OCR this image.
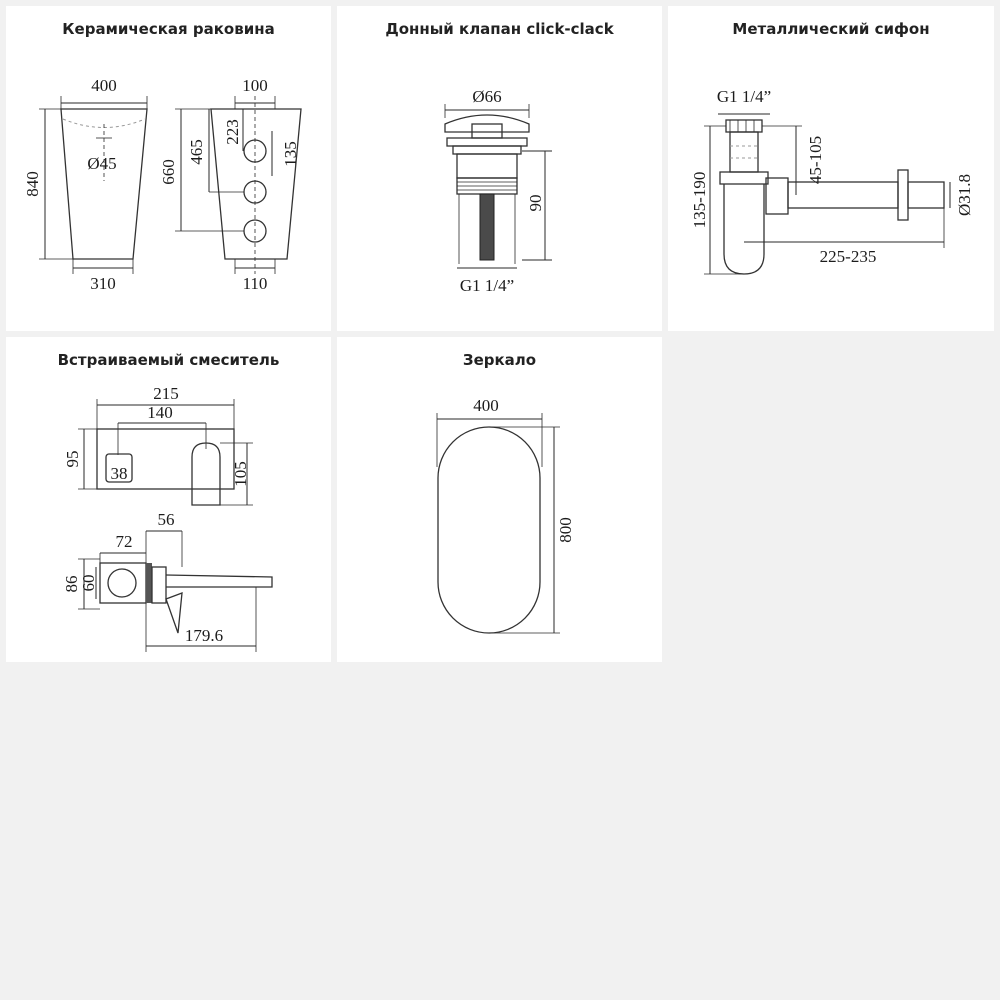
Керамическая раковина
400
Ø45
840
310
100
660
465
223
135
110
Донный клапан click-clack
Ø66
90
G1 1/4”
Металлический сифон
G1 1/4”
135-190
45-105
225-235
Ø31.8
Встраиваемый смеситель
215
140
38
95
105
56
72
86
60
179.6
Зеркало
400
800
